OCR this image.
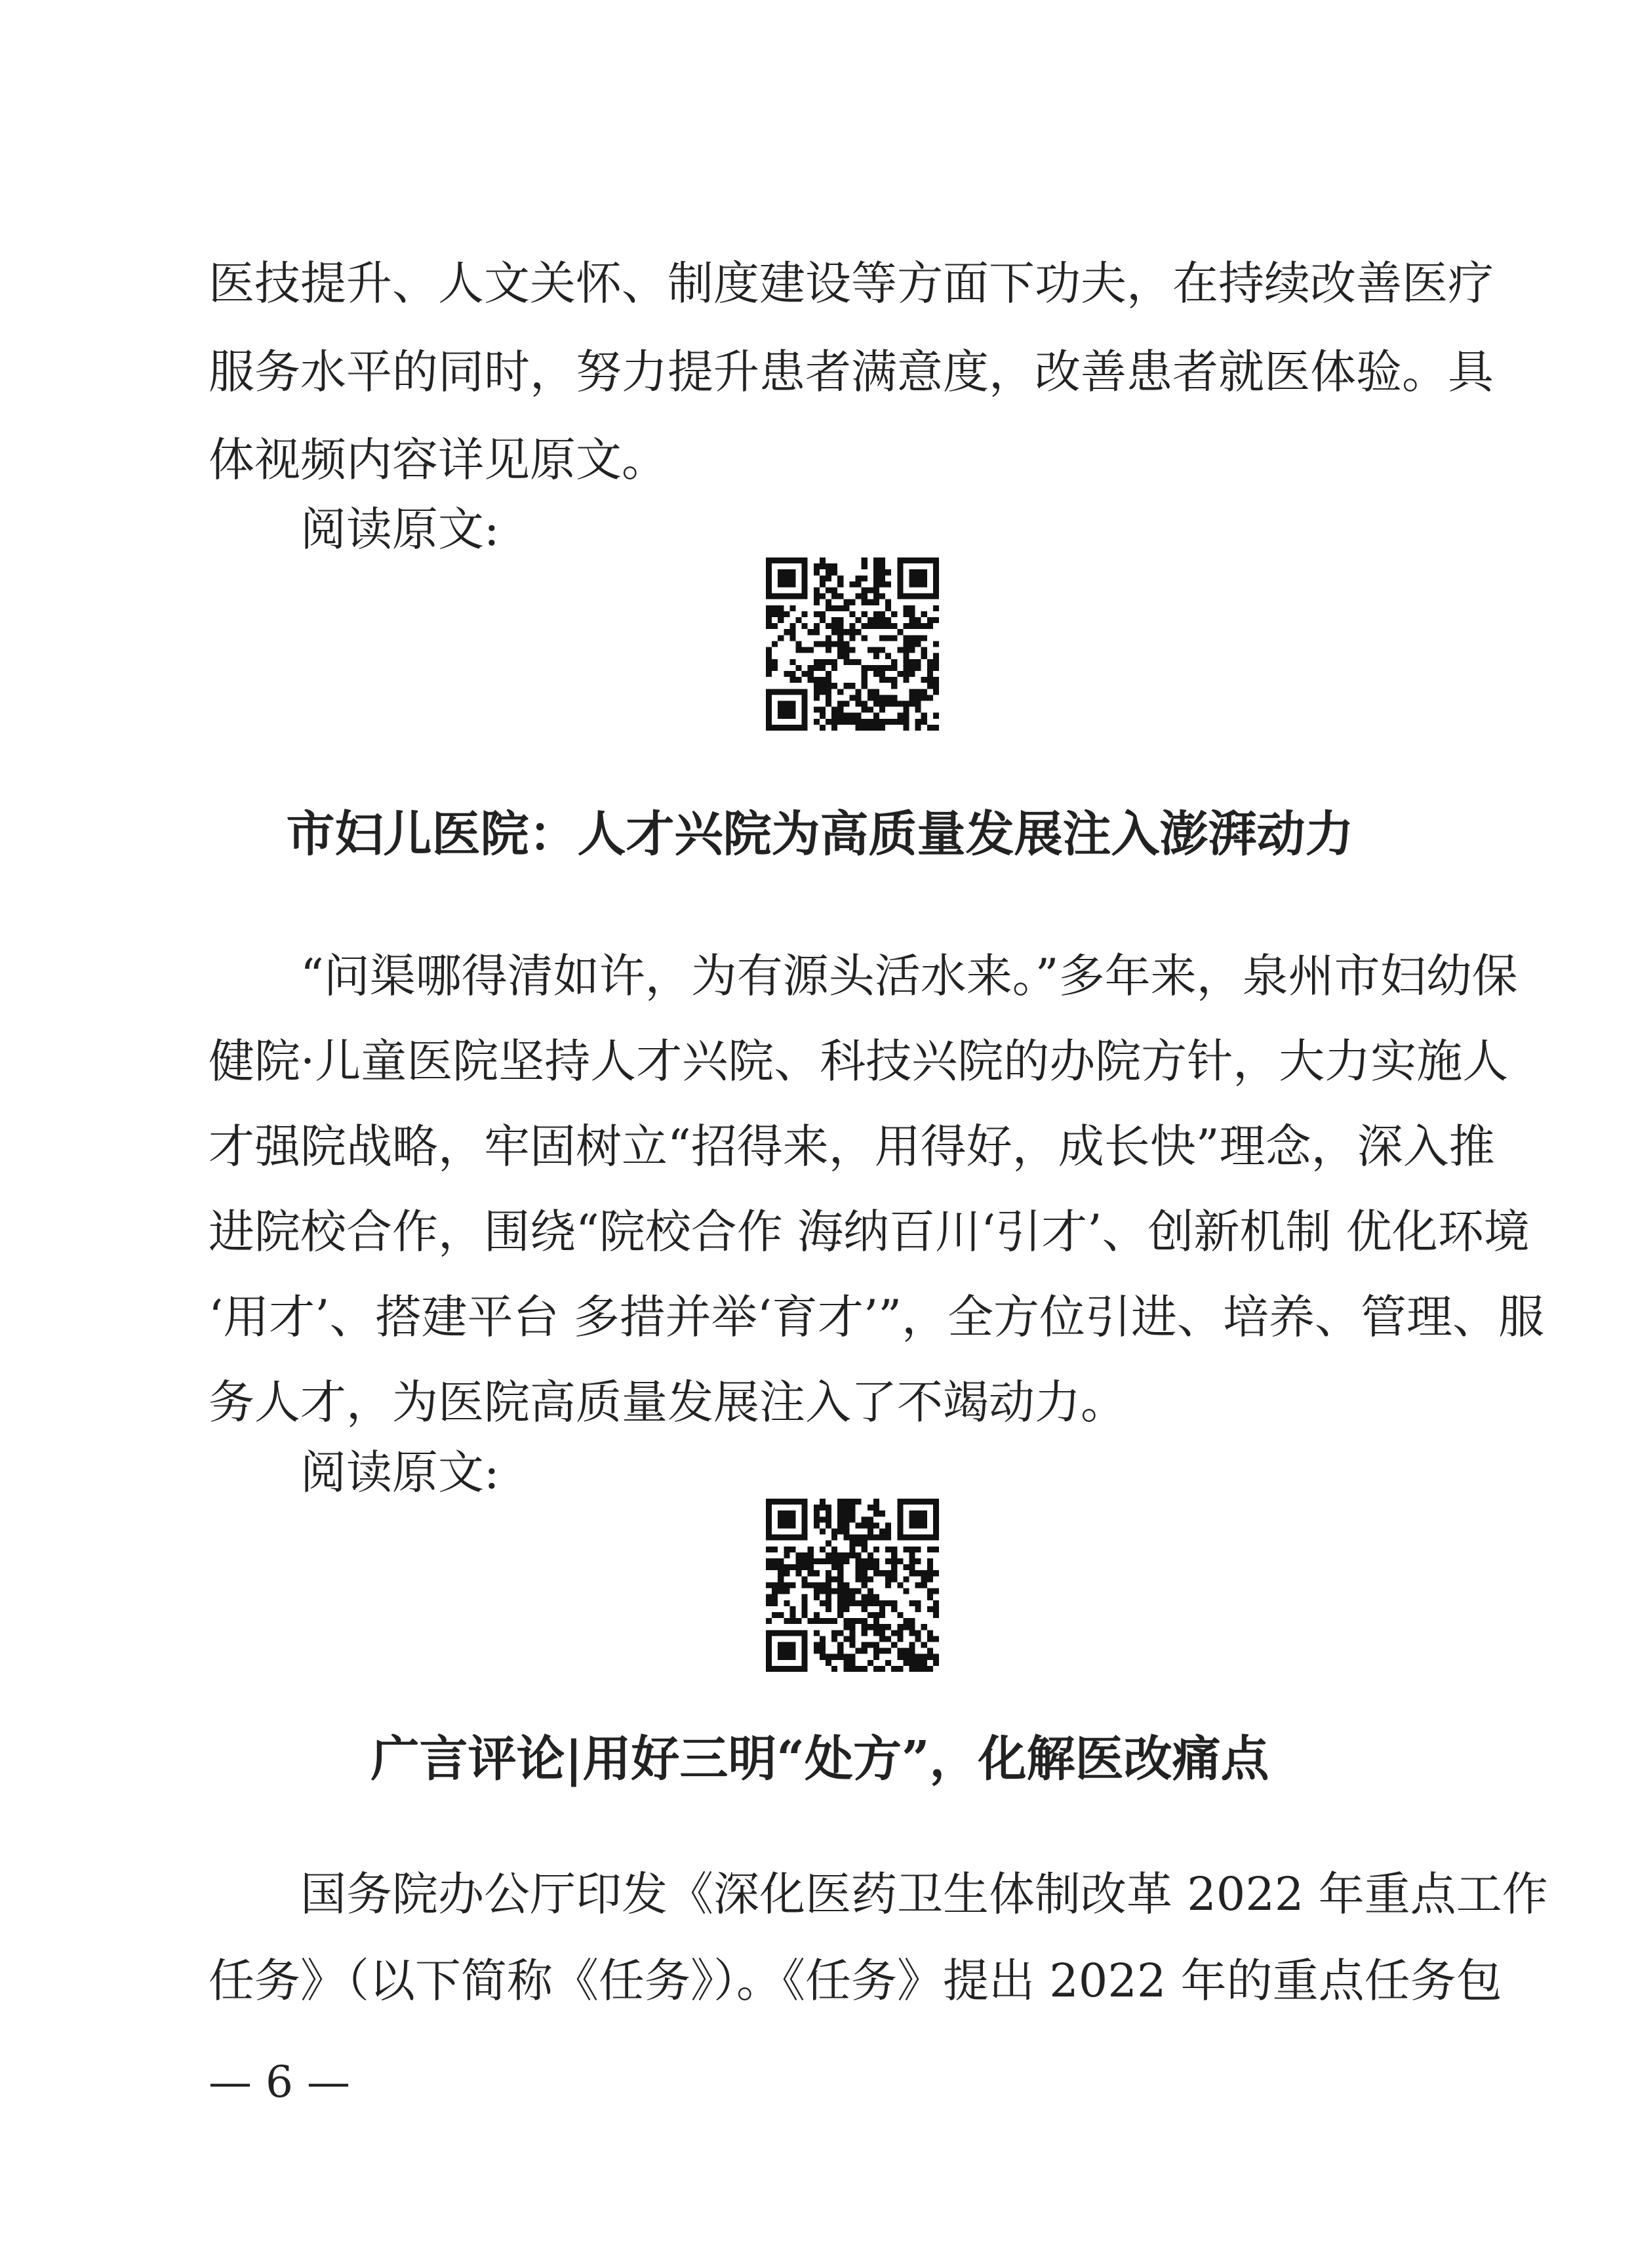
医技提升、人文关怀、制度建设等方面下功夫，在持续改善医疗
服务水平的同时，努力提升患者满意度，改善患者就医体验。具
体视频内容详见原文。
阅读原文:
市妇儿医院：人才兴院为高质量发展注入澎湃动力
“问渠哪得清如许，为有源头活水来。”多年来，泉州市妇幼保
健院·儿童医院坚持人才兴院、科技兴院的办院方针，大力实施人
才强院战略，牢固树立“招得来，用得好，成长快”理念，深入推
进院校合作，围绕“院校合作 海纳百川‘引才’、创新机制 优化环境
‘用才’、搭建平台 多措并举‘育才’”，全方位引进、培养、管理、服
务人才，为医院高质量发展注入了不竭动力。
阅读原文:
广言评论|用好三明“处方”，化解医改痛点
国务院办公厅印发《深化医药卫生体制改革 2022 年重点工作
任务》（以下简称《任务》）。《任务》提出 2022 年的重点任务包
— 6 —
